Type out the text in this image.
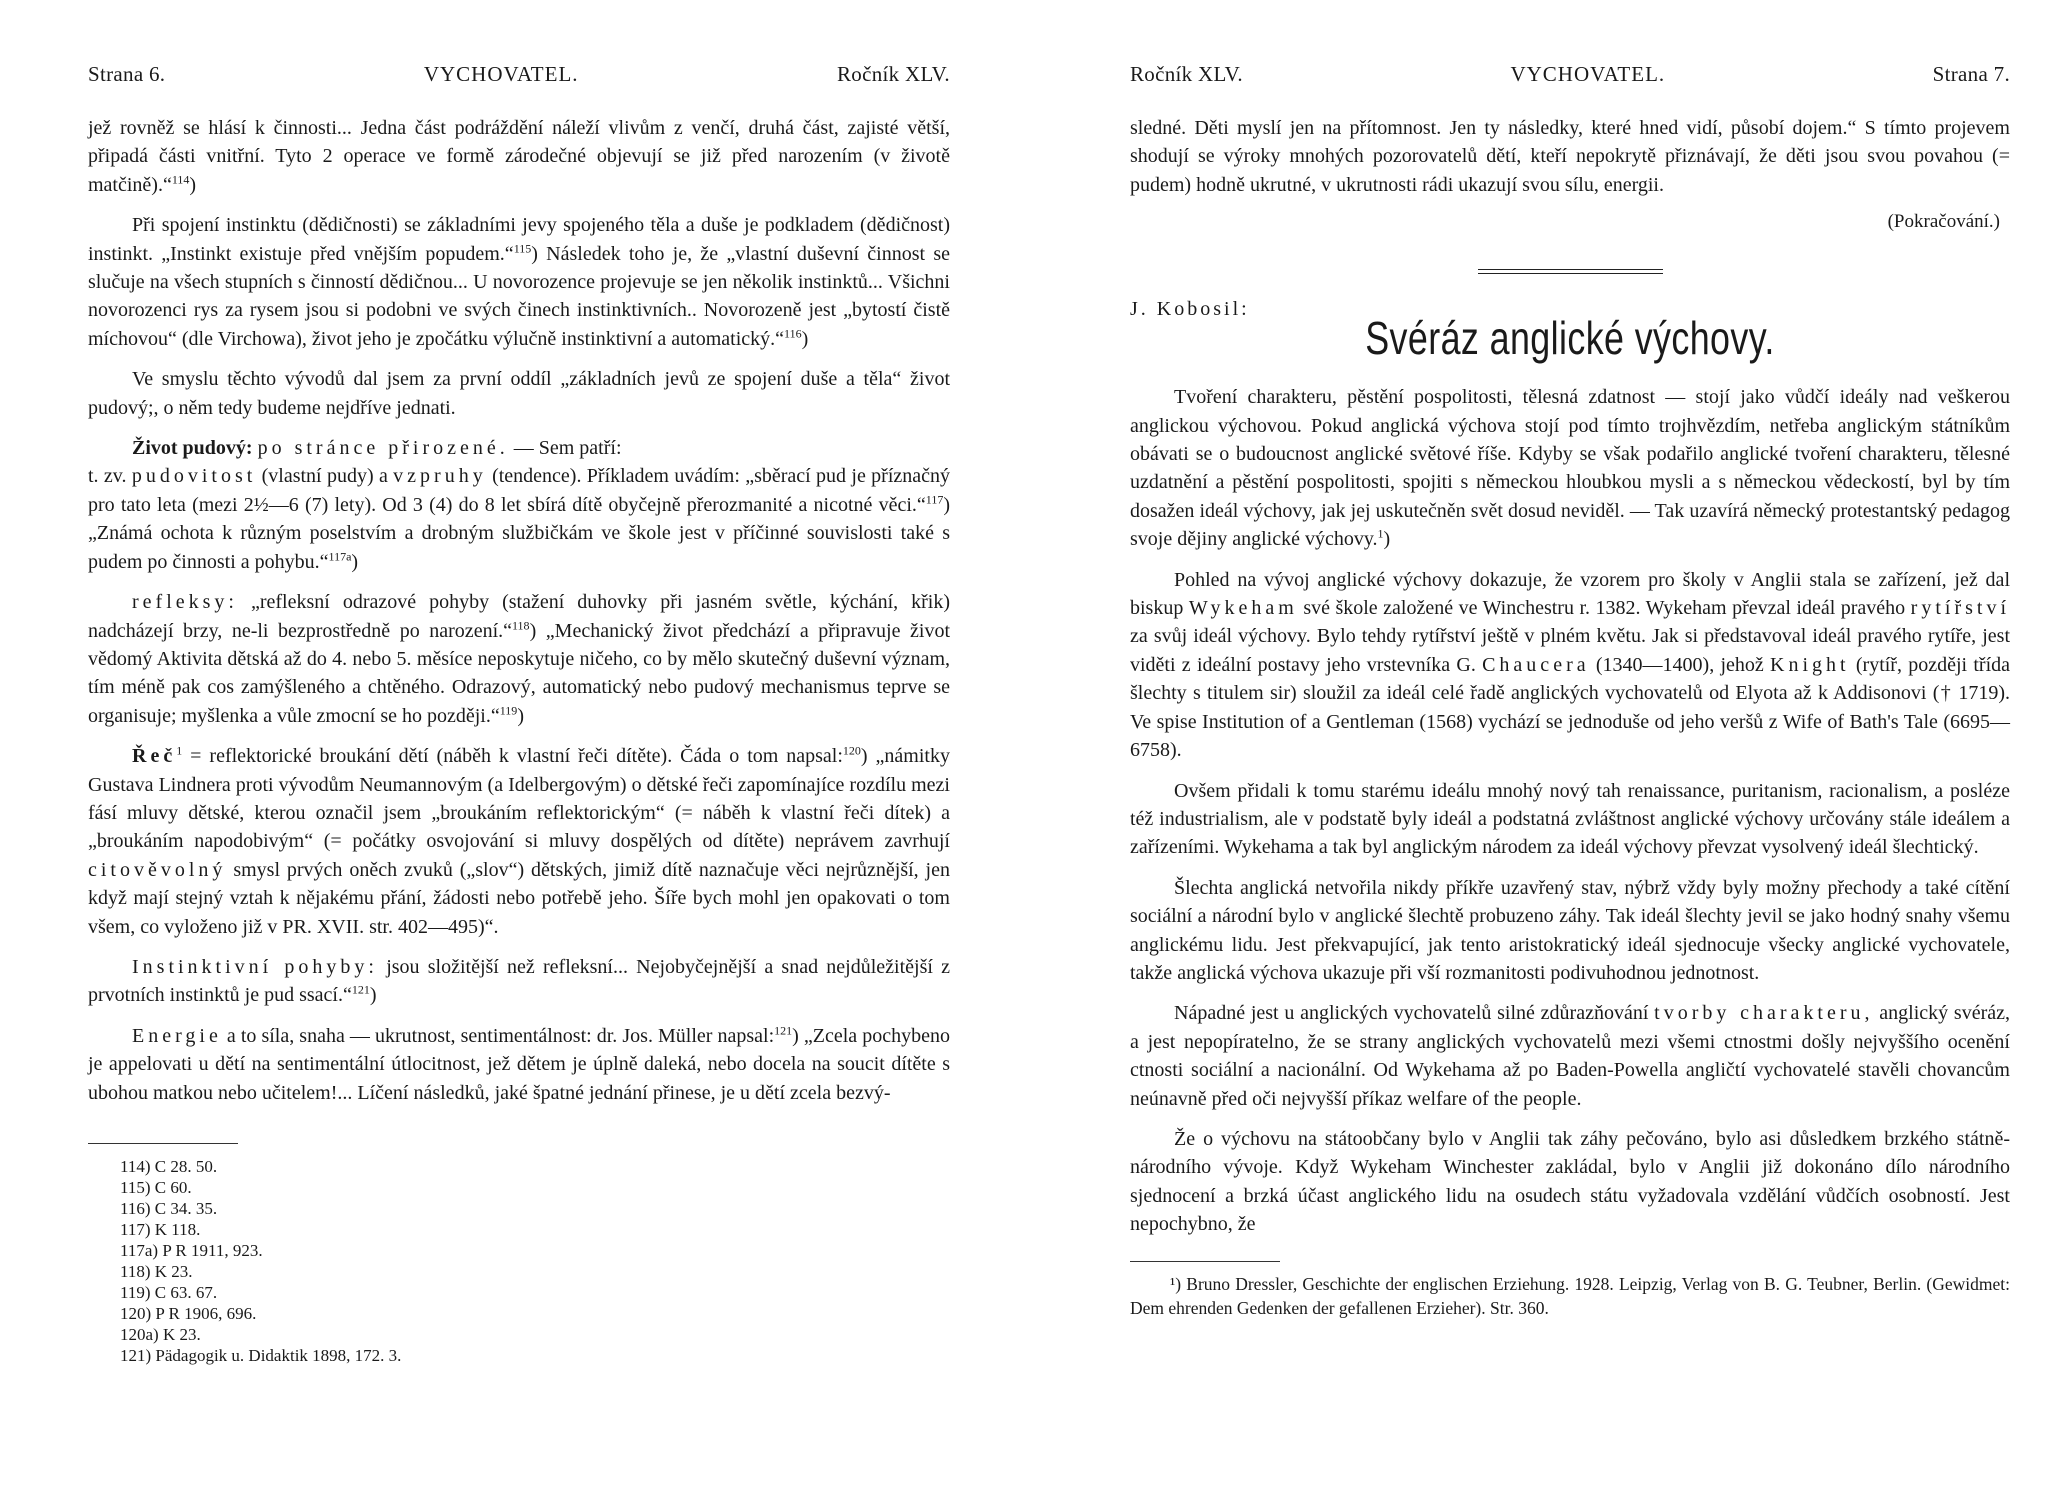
Strana 6.	VYCHOVATEL.	Ročník XLV.

jež rovněž se hlásí k činnosti... Jedna část podráždění náleží vlivům z venčí, druhá část, zajisté větší, připadá části vnitřní. Tyto 2 operace ve formě zárodečné objevují se již před narozením (v životě matčině).“$^{114}$)

Při spojení instinktu (dědičnosti) se základními jevy spojeného těla a duše je podkladem (dědičnost) instinkt. „Instinkt existuje před vnějším popudem.“$^{115}$) Následek toho je, že „vlastní duševní činnost se slučuje na všech stupních s činností dědičnou... U novorozence projevuje se jen několik instinktů... Všichni novorozenci rys za rysem jsou si podobni ve svých činech instinktivních.. Novorozeně jest „bytostí čistě míchovou“ (dle Virchowa), život jeho je zpočátku výlučně instinktivní a automatický.“$^{116}$)

Ve smyslu těchto vývodů dal jsem za první oddíl „základních jevů ze spojení duše a těla“ život pudový;, o něm tedy budeme nejdříve jednati.

Život pudový: po stránce přirozené. — Sem patří:
t. zv. pudovitost (vlastní pudy) a vzpruhy (tendence). Příkladem uvádím: „sběrací pud je příznačný pro tato leta (mezi 2½—6 (7) lety). Od 3 (4) do 8 let sbírá dítě obyčejně přerozmanité a nicotné věci.“$^{117}$) „Známá ochota k různým poselstvím a drobným službičkám ve škole jest v příčinné souvislosti také s pudem po činnosti a pohybu.“$^{117a}$)

refleksy: „refleksní odrazové pohyby (stažení duhovky při jasném světle, kýchání, křik) nadcházejí brzy, ne-li bezprostředně po narození.“$^{118}$) „Mechanický život předchází a připravuje život vědomý Aktivita dětská až do 4. nebo 5. měsíce neposkytuje ničeho, co by mělo skutečný duševní význam, tím méně pak cos zamýšleného a chtěného. Odrazový, automatický nebo pudový mechanismus teprve se organisuje; myšlenka a vůle zmocní se ho později.“$^{119}$)

Řeč$^1$ = reflektorické broukání dětí (náběh k vlastní řeči dítěte). Čáda o tom napsal:$^{120}$) „námitky Gustava Lindnera proti vývodům Neumannovým (a Idelbergovým) o dětské řeči zapomínajíce rozdílu mezi fásí mluvy dětské, kterou označil jsem „broukáním reflektorickým“ (= náběh k vlastní řeči dítek) a „broukáním napodobivým“ (= počátky osvojování si mluvy dospělých od dítěte) neprávem zavrhují citověvolný smysl prvých oněch zvuků („slov“) dětských, jimiž dítě naznačuje věci nejrůznější, jen když mají stejný vztah k nějakému přání, žádosti nebo potřebě jeho. Šíře bych mohl jen opakovati o tom všem, co vyloženo již v PR. XVII. str. 402—495)“.

Instinktivní pohyby: jsou složitější než refleksní... Nejobyčejnější a snad nejdůležitější z prvotních instinktů je pud ssací.“$^{121}$)

Energie a to síla, snaha — ukrutnost, sentimentálnost: dr. Jos. Müller napsal:$^{121}$) „Zcela pochybeno je appelovati u dětí na sentimentální útlocitnost, jež dětem je úplně daleká, nebo docela na soucit dítěte s ubohou matkou nebo učitelem!... Líčení následků, jaké špatné jednání přinese, je u dětí zcela bezvý-

114) C 28. 50.
115) C 60.
116) C 34. 35.
117) K 118.
117a) P R 1911, 923.
118) K 23.
119) C 63. 67.
120) P R 1906, 696.
120a) K 23.
121) Pädagogik u. Didaktik 1898, 172. 3.
Ročník XLV.	VYCHOVATEL.	Strana 7.

sledné. Děti myslí jen na přítomnost. Jen ty následky, které hned vidí, působí dojem.“ S tímto projevem shodují se výroky mnohých pozorovatelů dětí, kteří nepokrytě přiznávají, že děti jsou svou povahou (= pudem) hodně ukrutné, v ukrutnosti rádi ukazují svou sílu, energii.

(Pokračování.)
J. Kobosil:
Svéráz anglické výchovy.

Tvoření charakteru, pěstění pospolitosti, tělesná zdatnost — stojí jako vůdčí ideály nad veškerou anglickou výchovou. Pokud anglická výchova stojí pod tímto trojhvězdím, netřeba anglickým státníkům obávati se o budoucnost anglické světové říše. Kdyby se však podařilo anglické tvoření charakteru, tělesné uzdatnění a pěstění pospolitosti, spojiti s německou hloubkou mysli a s německou vědeckostí, byl by tím dosažen ideál výchovy, jak jej uskutečněn svět dosud neviděl. — Tak uzavírá německý protestantský pedagog svoje dějiny anglické výchovy.$^1$)

Pohled na vývoj anglické výchovy dokazuje, že vzorem pro školy v Anglii stala se zařízení, jež dal biskup Wykeham své škole založené ve Winchestru r. 1382. Wykeham převzal ideál pravého rytířství za svůj ideál výchovy. Bylo tehdy rytířství ještě v plném květu. Jak si představoval ideál pravého rytíře, jest viděti z ideální postavy jeho vrstevníka G. Chaucera (1340—1400), jehož Knight (rytíř, později třída šlechty s titulem sir) sloužil za ideál celé řadě anglických vychovatelů od Elyota až k Addisonovi († 1719). Ve spise Institution of a Gentleman (1568) vychází se jednoduše od jeho veršů z Wife of Bath's Tale (6695—6758).

Ovšem přidali k tomu starému ideálu mnohý nový tah renaissance, puritanism, racionalism, a posléze též industrialism, ale v podstatě byly ideál a podstatná zvláštnost anglické výchovy určovány stále ideálem a zařízeními. Wykehama a tak byl anglickým národem za ideál výchovy převzat vysolvený ideál šlechtický.

Šlechta anglická netvořila nikdy příkře uzavřený stav, nýbrž vždy byly možny přechody a také cítění sociální a národní bylo v anglické šlechtě probuzeno záhy. Tak ideál šlechty jevil se jako hodný snahy všemu anglickému lidu. Jest překvapující, jak tento aristokratický ideál sjednocuje všecky anglické vychovatele, takže anglická výchova ukazuje při vší rozmanitosti podivuhodnou jednotnost.

Nápadné jest u anglických vychovatelů silné zdůrazňování tvorby charakteru, anglický svéráz, a jest nepopíratelno, že se strany anglických vychovatelů mezi všemi ctnostmi došly nejvyššího ocenění ctnosti sociální a nacionální. Od Wykehama až po Baden-Powella angličtí vychovatelé stavěli chovancům neúnavně před oči nejvyšší příkaz welfare of the people.

Že o výchovu na státoobčany bylo v Anglii tak záhy pečováno, bylo asi důsledkem brzkého státně-národního vývoje. Když Wykeham Winchester zakládal, bylo v Anglii již dokonáno dílo národního sjednocení a brzká účast anglického lidu na osudech státu vyžadovala vzdělání vůdčích osobností. Jest nepochybno, že

¹) Bruno Dressler, Geschichte der englischen Erziehung. 1928. Leipzig, Verlag von B. G. Teubner, Berlin. (Gewidmet: Dem ehrenden Gedenken der gefallenen Erzieher). Str. 360.
